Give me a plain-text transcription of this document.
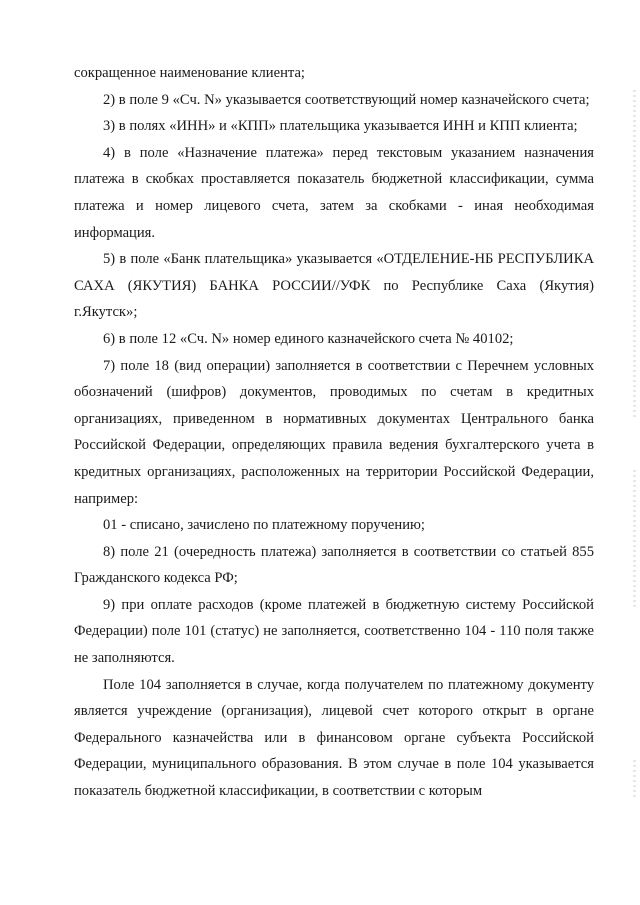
сокращенное наименование клиента;

2) в поле 9 «Сч. N» указывается соответствующий номер казначейского счета;

3) в полях «ИНН» и «КПП» плательщика указывается ИНН и КПП клиента;

4) в поле «Назначение платежа» перед текстовым указанием назначения платежа в скобках проставляется показатель бюджетной классификации, сумма платежа и номер лицевого счета, затем за скобками - иная необходимая информация.

5) в поле «Банк плательщика» указывается «ОТДЕЛЕНИЕ-НБ РЕСПУБЛИКА САХА (ЯКУТИЯ) БАНКА РОССИИ//УФК по Республике Саха (Якутия) г.Якутск»;

6) в поле 12 «Сч. N» номер единого казначейского счета № 40102;

7) поле 18 (вид операции) заполняется в соответствии с Перечнем условных обозначений (шифров) документов, проводимых по счетам в кредитных организациях, приведенном в нормативных документах Центрального банка Российской Федерации, определяющих правила ведения бухгалтерского учета в кредитных организациях, расположенных на территории Российской Федерации, например:

01 - списано, зачислено по платежному поручению;

8) поле 21 (очередность платежа) заполняется в соответствии со статьей 855 Гражданского кодекса РФ;

9) при оплате расходов (кроме платежей в бюджетную систему Российской Федерации) поле 101 (статус) не заполняется, соответственно 104 - 110 поля также не заполняются.

Поле 104 заполняется в случае, когда получателем по платежному документу является учреждение (организация), лицевой счет которого открыт в органе Федерального казначейства или в финансовом органе субъекта Российской Федерации, муниципального образования. В этом случае в поле 104 указывается показатель бюджетной классификации, в соответствии с которым
